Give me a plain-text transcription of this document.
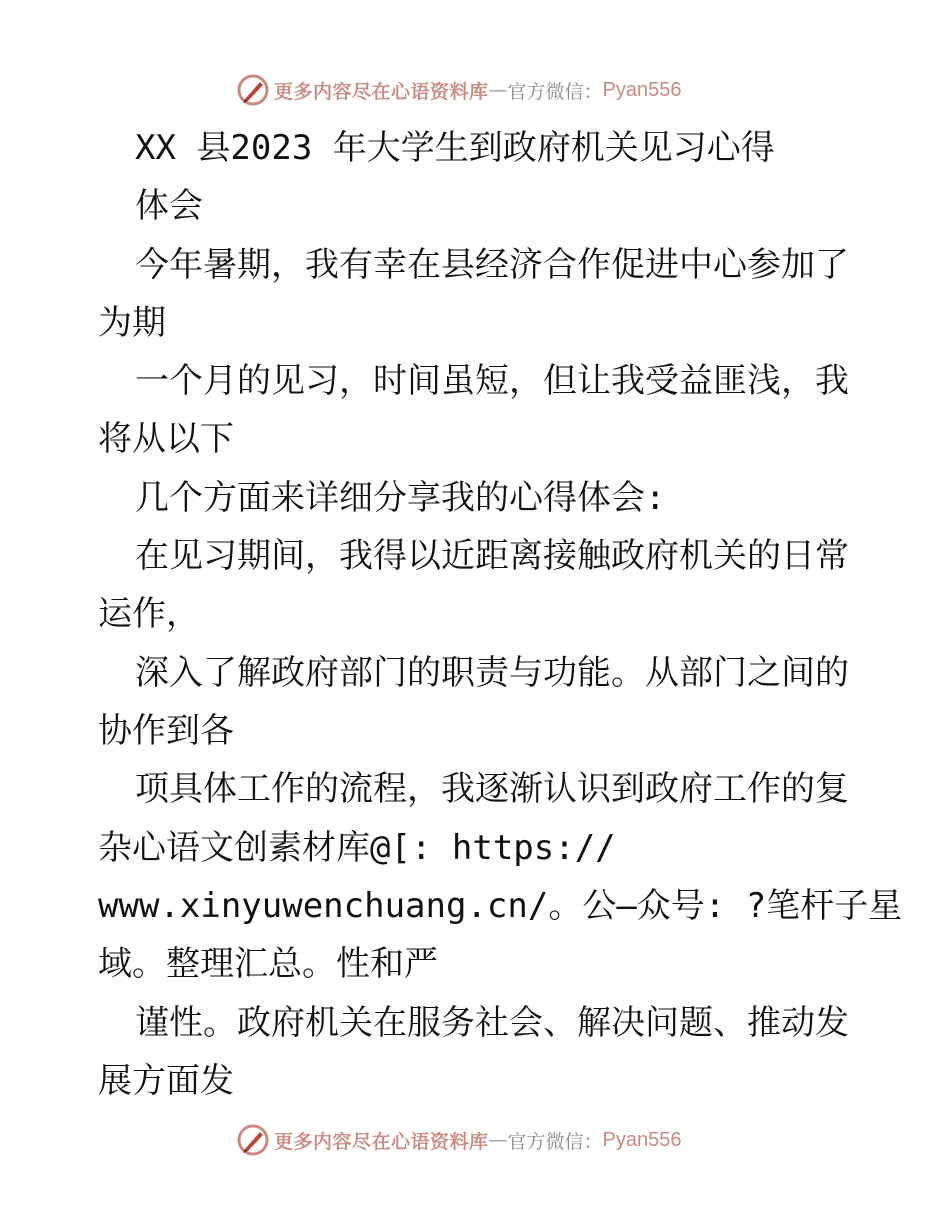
更多内容尽在心语资料库 — 官方微信： Pyan556

XX 县2023 年大学生到政府机关见习心得

体会

今年暑期，我有幸在县经济合作促进中心参加了

为期

一个月的见习，时间虽短，但让我受益匪浅，我

将从以下

几个方面来详细分享我的心得体会:

在见习期间，我得以近距离接触政府机关的日常

运作，

深入了解政府部门的职责与功能。从部门之间的

协作到各

项具体工作的流程，我逐渐认识到政府工作的复

杂心语文创素材库@[: https://

www.xinyuwenchuang.cn/。公—众号: ?笔杆子星

域。整理汇总。性和严

谨性。政府机关在服务社会、解决问题、推动发

展方面发

更多内容尽在心语资料库 — 官方微信： Pyan556
